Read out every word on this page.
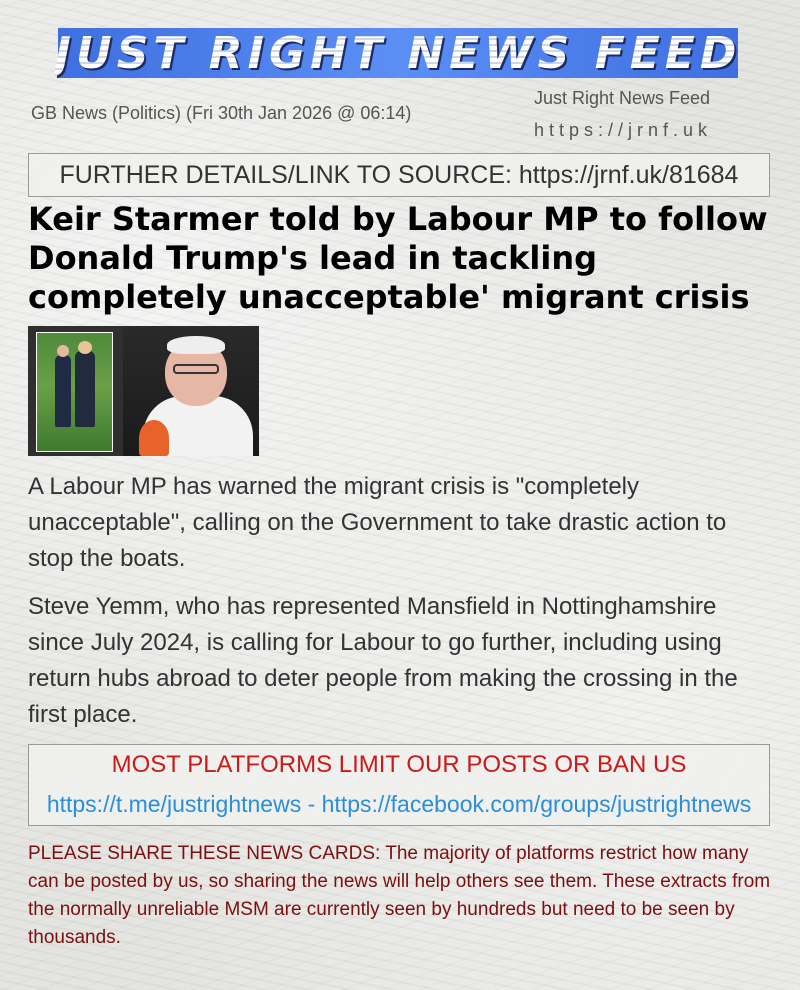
JUST RIGHT NEWS FEED
GB News (Politics) (Fri 30th Jan 2026 @ 06:14)
Just Right News Feed
https://jrnf.uk
FURTHER DETAILS/LINK TO SOURCE: https://jrnf.uk/81684
Keir Starmer told by Labour MP to follow Donald Trump's lead in tackling completely unacceptable' migrant crisis

A Labour MP has warned the migrant crisis is "completely unacceptable", calling on the Government to take drastic action to stop the boats.

Steve Yemm, who has represented Mansfield in Nottinghamshire since July 2024, is calling for Labour to go further, including using return hubs abroad to deter people from making the crossing in the first place.

MOST PLATFORMS LIMIT OUR POSTS OR BAN US
https://t.me/justrightnews - https://facebook.com/groups/justrightnews

PLEASE SHARE THESE NEWS CARDS: The majority of platforms restrict how many can be posted by us, so sharing the news will help others see them. These extracts from the normally unreliable MSM are currently seen by hundreds but need to be seen by thousands.
